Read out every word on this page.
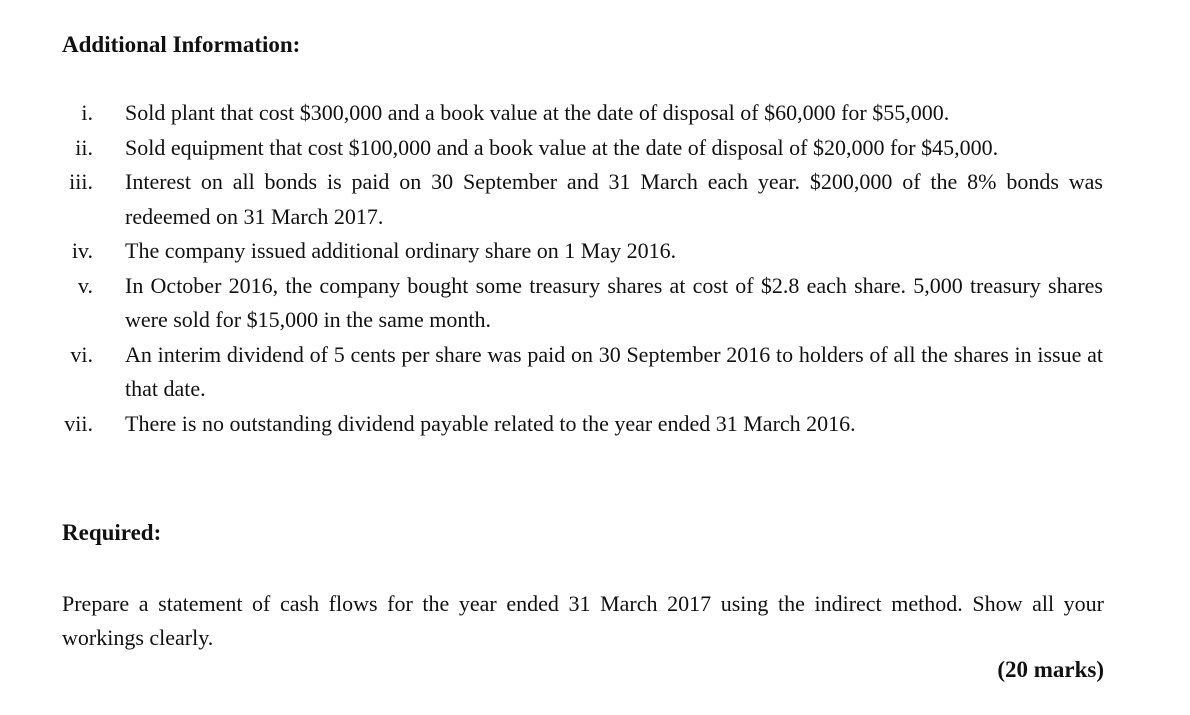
Additional Information:

i. Sold plant that cost $300,000 and a book value at the date of disposal of $60,000 for $55,000.
ii. Sold equipment that cost $100,000 and a book value at the date of disposal of $20,000 for $45,000.
iii. Interest on all bonds is paid on 30 September and 31 March each year. $200,000 of the 8% bonds was redeemed on 31 March 2017.
iv. The company issued additional ordinary share on 1 May 2016.
v. In October 2016, the company bought some treasury shares at cost of $2.8 each share. 5,000 treasury shares were sold for $15,000 in the same month.
vi. An interim dividend of 5 cents per share was paid on 30 September 2016 to holders of all the shares in issue at that date.
vii. There is no outstanding dividend payable related to the year ended 31 March 2016.

Required:

Prepare a statement of cash flows for the year ended 31 March 2017 using the indirect method. Show all your workings clearly.

(20 marks)
